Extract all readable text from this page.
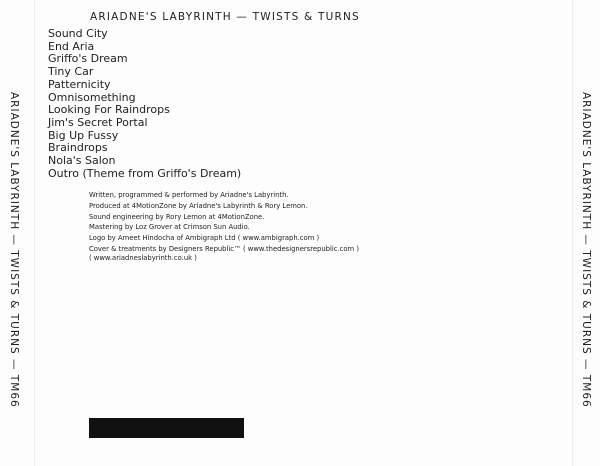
ARIADNE'S LABYRINTH — TWISTS & TURNS — TM66	ARIADNE'S LABYRINTH — TWISTS & TURNS — TM66
ARIADNE'S LABYRINTH — TWISTS & TURNS
Sound City
End Aria
Griffo's Dream
Tiny Car
Patternicity
Omnisomething
Looking For Raindrops
Jim's Secret Portal
Big Up Fussy
Braindrops
Nola's Salon
Outro (Theme from Griffo's Dream)
Written, programmed & performed by Ariadne's Labyrinth.
Produced at 4MotionZone by Ariadne's Labyrinth & Rory Lemon.
Sound engineering by Rory Lemon at 4MotionZone.
Mastering by Loz Grover at Crimson Sun Audio.
Logo by Ameet Hindocha of Ambigraph Ltd ( www.ambigraph.com )
Cover & treatments by Designers Republic™ ( www.thedesignersrepublic.com )
( www.ariadneslabyrinth.co.uk )
